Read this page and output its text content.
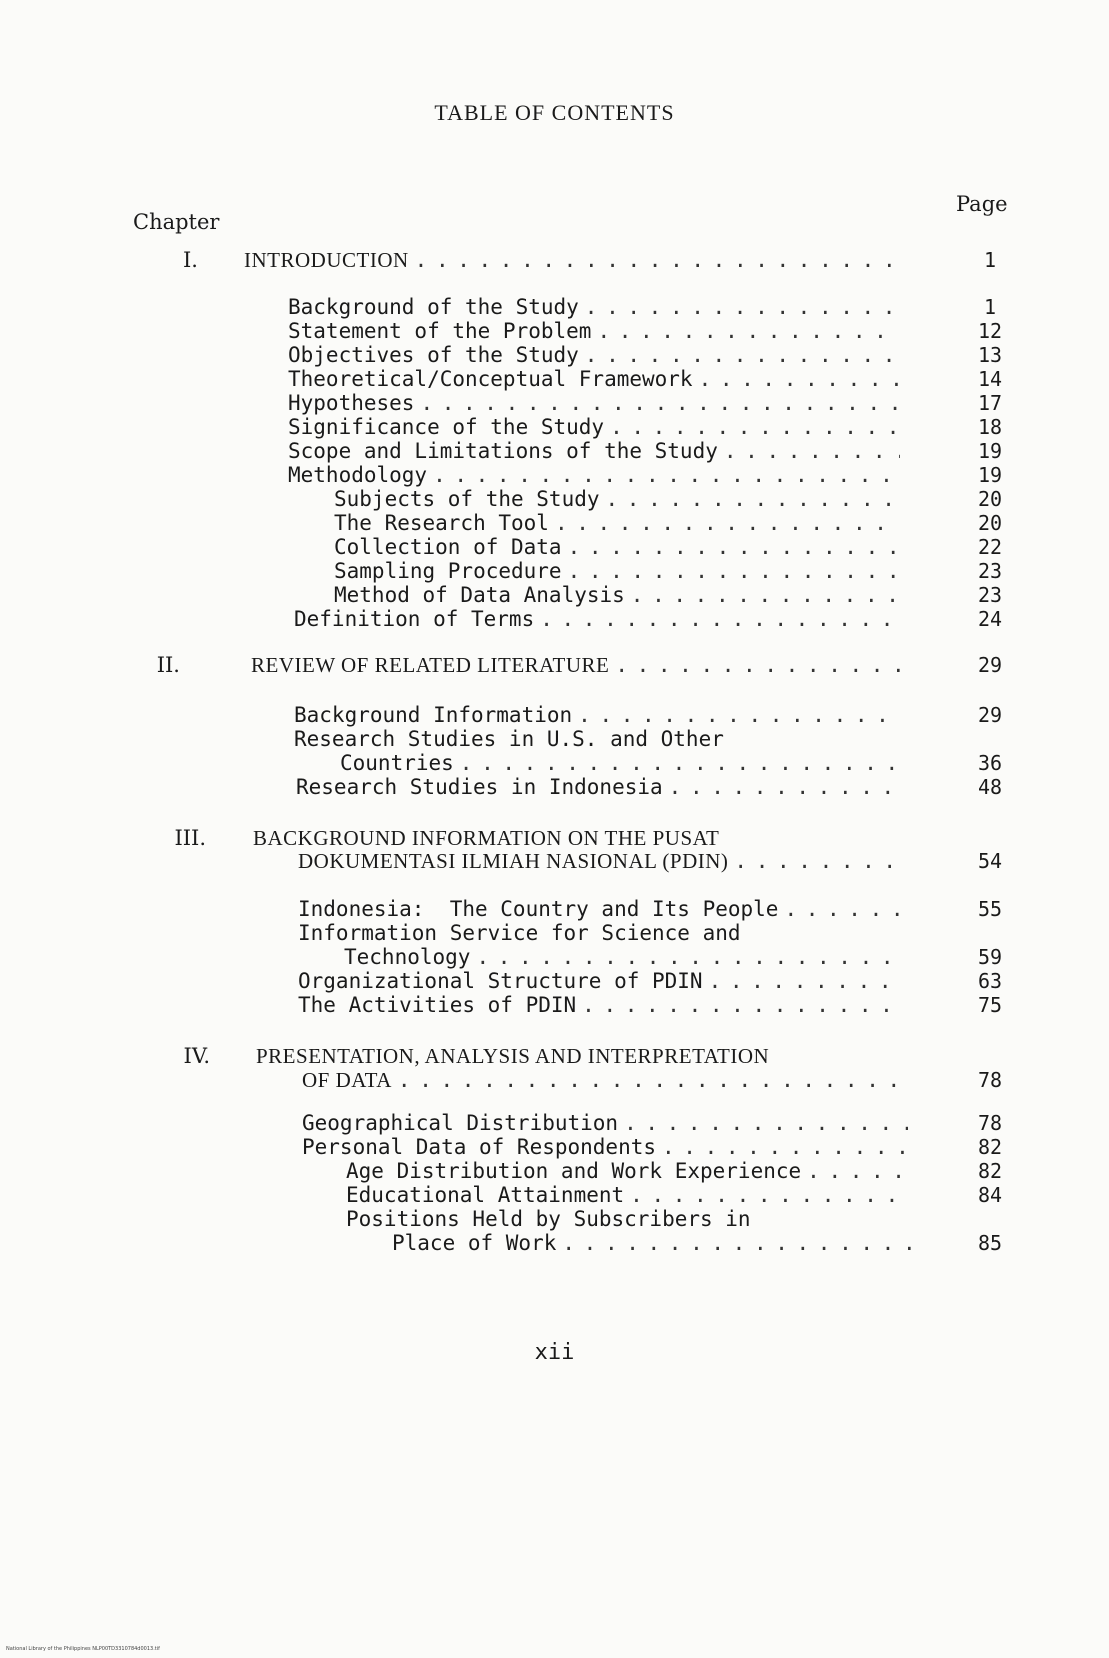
TABLE OF CONTENTS
Chapter
Page
I. INTRODUCTION . . .	1
Background of the Study . . .	1
Statement of the Problem . . .	12
Objectives of the Study . . .	13
Theoretical/Conceptual Framework . . .	14
Hypotheses . . .	17
Significance of the Study . . .	18
Scope and Limitations of the Study . . .	19
Methodology . . .	19
Subjects of the Study . . .	20
The Research Tool . . .	20
Collection of Data . . .	22
Sampling Procedure . . .	23
Method of Data Analysis . . .	23
Definition of Terms . . .	24
II.	REVIEW OF RELATED LITERATURE . . .	29
Background Information . . .	29
Research Studies in U.S. and Other
Countries . . .	36
Research Studies in Indonesia . . .	48
III. BACKGROUND INFORMATION ON THE PUSAT
DOKUMENTASI ILMIAH NASIONAL (PDIN) . . .	54
Indonesia:  The Country and Its People . . .	55
Information Service for Science and
Technology . . .	59
Organizational Structure of PDIN . . .	63
The Activities of PDIN . . .	75
IV. PRESENTATION, ANALYSIS AND INTERPRETATION
OF DATA . . .	78
Geographical Distribution . . .	78
Personal Data of Respondents . . .	82
Age Distribution and Work Experience . . .	82
Educational Attainment . . .	84
Positions Held by Subscribers in
Place of Work . . .	85
xii
National Library of the Philippines NLP00TD3310784d0013.tif
